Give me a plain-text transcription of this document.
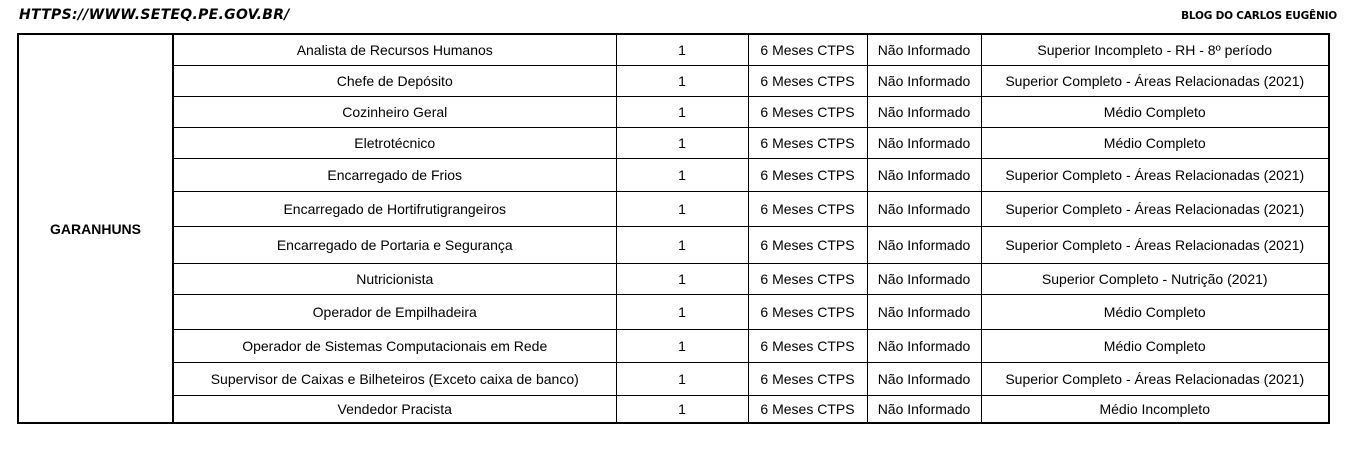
HTTPS://WWW.SETEQ.PE.GOV.BR/	BLOG DO CARLOS EUGÊNIO
GARANHUNS	Analista de Recursos Humanos	1	6 Meses CTPS	Não Informado	Superior Incompleto - RH - 8º período
	Chefe de Depósito	1	6 Meses CTPS	Não Informado	Superior Completo - Áreas Relacionadas (2021)
	Cozinheiro Geral	1	6 Meses CTPS	Não Informado	Médio Completo
	Eletrotécnico	1	6 Meses CTPS	Não Informado	Médio Completo
	Encarregado de Frios	1	6 Meses CTPS	Não Informado	Superior Completo - Áreas Relacionadas (2021)
	Encarregado de Hortifrutigrangeiros	1	6 Meses CTPS	Não Informado	Superior Completo - Áreas Relacionadas (2021)
	Encarregado de Portaria e Segurança	1	6 Meses CTPS	Não Informado	Superior Completo - Áreas Relacionadas (2021)
	Nutricionista	1	6 Meses CTPS	Não Informado	Superior Completo - Nutrição (2021)
	Operador de Empilhadeira	1	6 Meses CTPS	Não Informado	Médio Completo
	Operador de Sistemas Computacionais em Rede	1	6 Meses CTPS	Não Informado	Médio Completo
	Supervisor de Caixas e Bilheteiros (Exceto caixa de banco)	1	6 Meses CTPS	Não Informado	Superior Completo - Áreas Relacionadas (2021)
	Vendedor Pracista	1	6 Meses CTPS	Não Informado	Médio Incompleto
